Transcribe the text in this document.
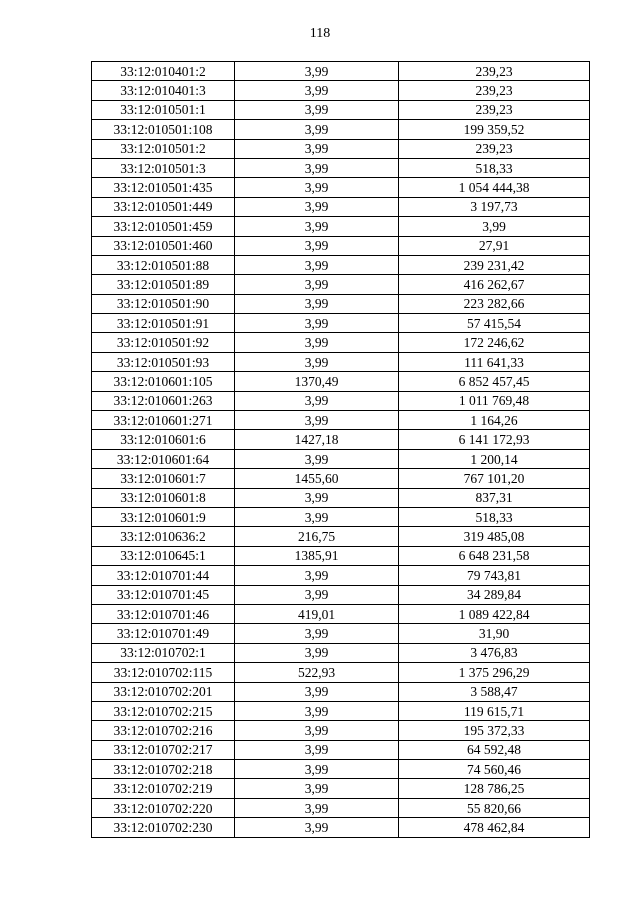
118
33:12:010401:2	3,99	239,23
33:12:010401:3	3,99	239,23
33:12:010501:1	3,99	239,23
33:12:010501:108	3,99	199 359,52
33:12:010501:2	3,99	239,23
33:12:010501:3	3,99	518,33
33:12:010501:435	3,99	1 054 444,38
33:12:010501:449	3,99	3 197,73
33:12:010501:459	3,99	3,99
33:12:010501:460	3,99	27,91
33:12:010501:88	3,99	239 231,42
33:12:010501:89	3,99	416 262,67
33:12:010501:90	3,99	223 282,66
33:12:010501:91	3,99	57 415,54
33:12:010501:92	3,99	172 246,62
33:12:010501:93	3,99	111 641,33
33:12:010601:105	1370,49	6 852 457,45
33:12:010601:263	3,99	1 011 769,48
33:12:010601:271	3,99	1 164,26
33:12:010601:6	1427,18	6 141 172,93
33:12:010601:64	3,99	1 200,14
33:12:010601:7	1455,60	767 101,20
33:12:010601:8	3,99	837,31
33:12:010601:9	3,99	518,33
33:12:010636:2	216,75	319 485,08
33:12:010645:1	1385,91	6 648 231,58
33:12:010701:44	3,99	79 743,81
33:12:010701:45	3,99	34 289,84
33:12:010701:46	419,01	1 089 422,84
33:12:010701:49	3,99	31,90
33:12:010702:1	3,99	3 476,83
33:12:010702:115	522,93	1 375 296,29
33:12:010702:201	3,99	3 588,47
33:12:010702:215	3,99	119 615,71
33:12:010702:216	3,99	195 372,33
33:12:010702:217	3,99	64 592,48
33:12:010702:218	3,99	74 560,46
33:12:010702:219	3,99	128 786,25
33:12:010702:220	3,99	55 820,66
33:12:010702:230	3,99	478 462,84
